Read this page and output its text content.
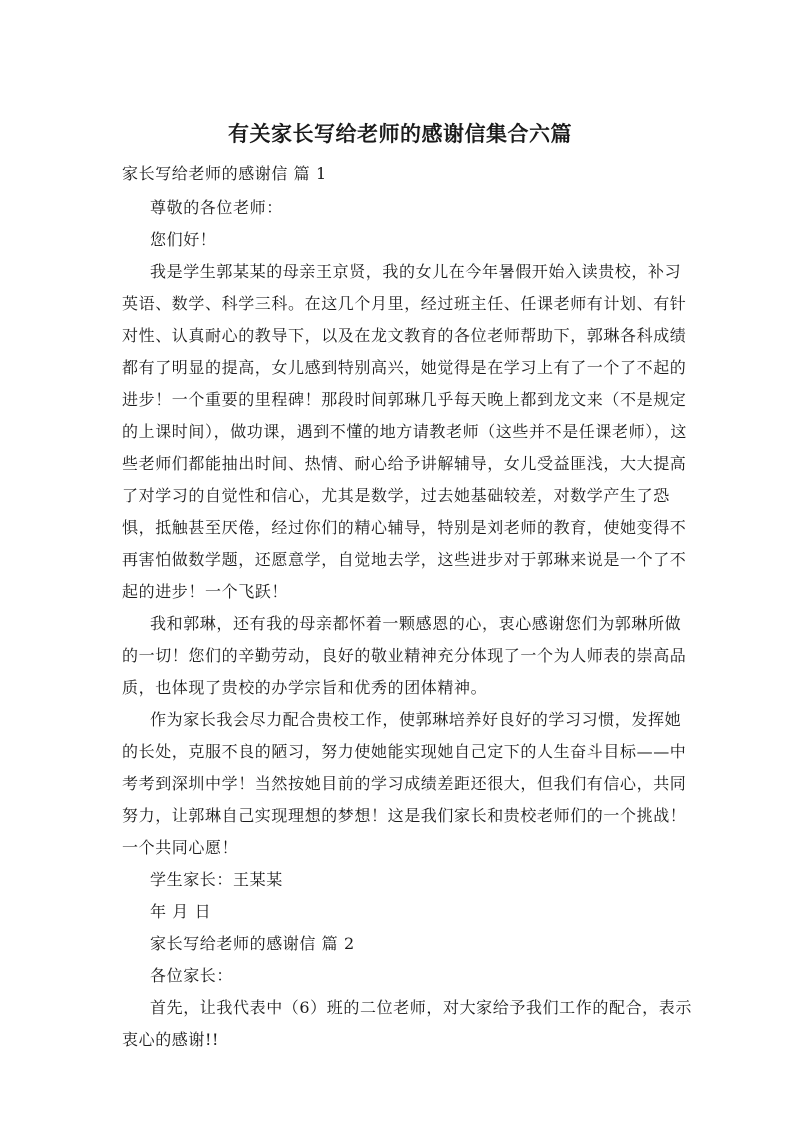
有关家长写给老师的感谢信集合六篇

家长写给老师的感谢信 篇 1

尊敬的各位老师：

您们好！

我是学生郭某某的母亲王京贤，我的女儿在今年暑假开始入读贵校，补习

英语、数学、科学三科。在这几个月里，经过班主任、任课老师有计划、有针

对性、认真耐心的教导下，以及在龙文教育的各位老师帮助下，郭琳各科成绩

都有了明显的提高，女儿感到特别高兴，她觉得是在学习上有了一个了不起的

进步！一个重要的里程碑！那段时间郭琳几乎每天晚上都到龙文来（不是规定

的上课时间），做功课，遇到不懂的地方请教老师（这些并不是任课老师），这

些老师们都能抽出时间、热情、耐心给予讲解辅导，女儿受益匪浅，大大提高

了对学习的自觉性和信心，尤其是数学，过去她基础较差，对数学产生了恐

惧，抵触甚至厌倦，经过你们的精心辅导，特别是刘老师的教育，使她变得不

再害怕做数学题，还愿意学，自觉地去学，这些进步对于郭琳来说是一个了不

起的进步！一个飞跃！

我和郭琳，还有我的母亲都怀着一颗感恩的心，衷心感谢您们为郭琳所做

的一切！您们的辛勤劳动，良好的敬业精神充分体现了一个为人师表的崇高品

质，也体现了贵校的办学宗旨和优秀的团体精神。

作为家长我会尽力配合贵校工作，使郭琳培养好良好的学习习惯，发挥她

的长处，克服不良的陋习，努力使她能实现她自己定下的人生奋斗目标——中

考考到深圳中学！当然按她目前的学习成绩差距还很大，但我们有信心，共同

努力，让郭琳自己实现理想的梦想！这是我们家长和贵校老师们的一个挑战！

一个共同心愿！

学生家长：王某某

年 月 日

家长写给老师的感谢信 篇 2

各位家长：

首先，让我代表中（6）班的二位老师，对大家给予我们工作的配合，表示

衷心的感谢!!
